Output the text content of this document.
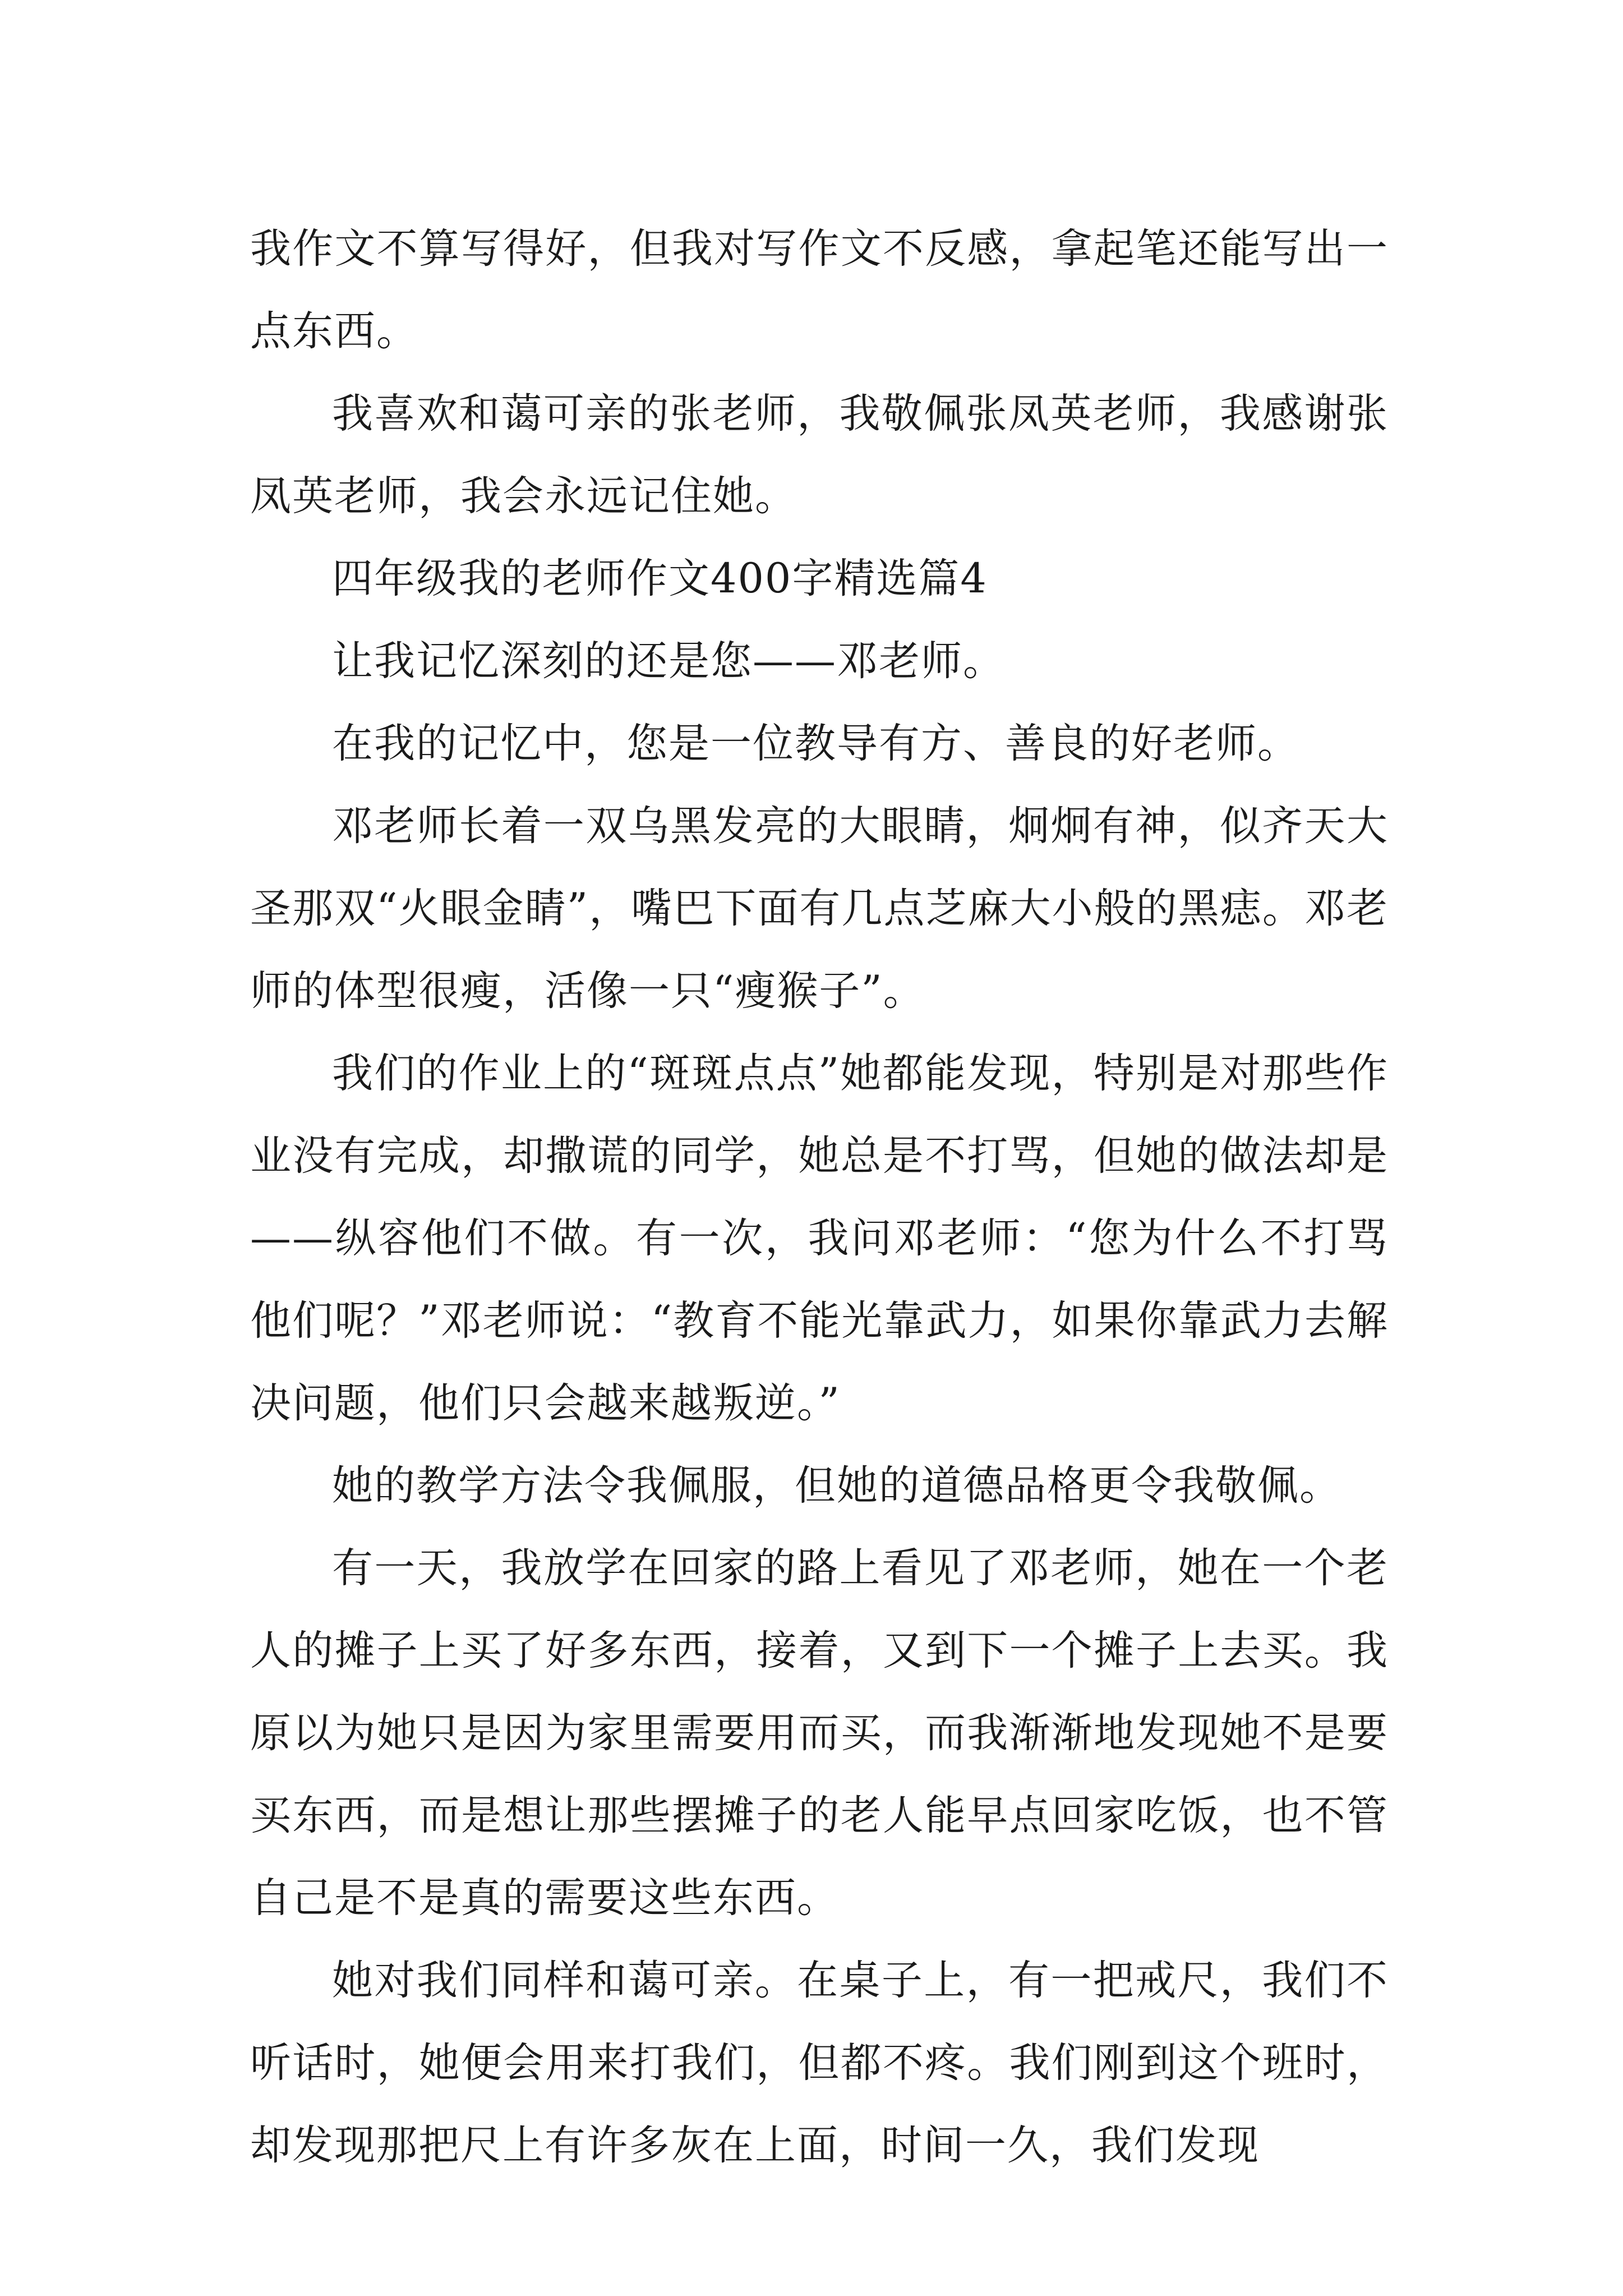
我作文不算写得好，但我对写作文不反感，拿起笔还能写出一点东西。

我喜欢和蔼可亲的张老师，我敬佩张凤英老师，我感谢张凤英老师，我会永远记住她。

四年级我的老师作文400字精选篇4

让我记忆深刻的还是您——邓老师。

在我的记忆中，您是一位教导有方、善良的好老师。

邓老师长着一双乌黑发亮的大眼睛，炯炯有神，似齐天大圣那双“火眼金睛”，嘴巴下面有几点芝麻大小般的黑痣。邓老师的体型很瘦，活像一只“瘦猴子”。

我们的作业上的“斑斑点点”她都能发现，特别是对那些作业没有完成，却撒谎的同学，她总是不打骂，但她的做法却是——纵容他们不做。有一次，我问邓老师：“您为什么不打骂他们呢？”邓老师说：“教育不能光靠武力，如果你靠武力去解决问题，他们只会越来越叛逆。”

她的教学方法令我佩服，但她的道德品格更令我敬佩。

有一天，我放学在回家的路上看见了邓老师，她在一个老人的摊子上买了好多东西，接着，又到下一个摊子上去买。我原以为她只是因为家里需要用而买，而我渐渐地发现她不是要买东西，而是想让那些摆摊子的老人能早点回家吃饭，也不管自己是不是真的需要这些东西。

她对我们同样和蔼可亲。在桌子上，有一把戒尺，我们不听话时，她便会用来打我们，但都不疼。我们刚到这个班时，却发现那把尺上有许多灰在上面，时间一久，我们发现
